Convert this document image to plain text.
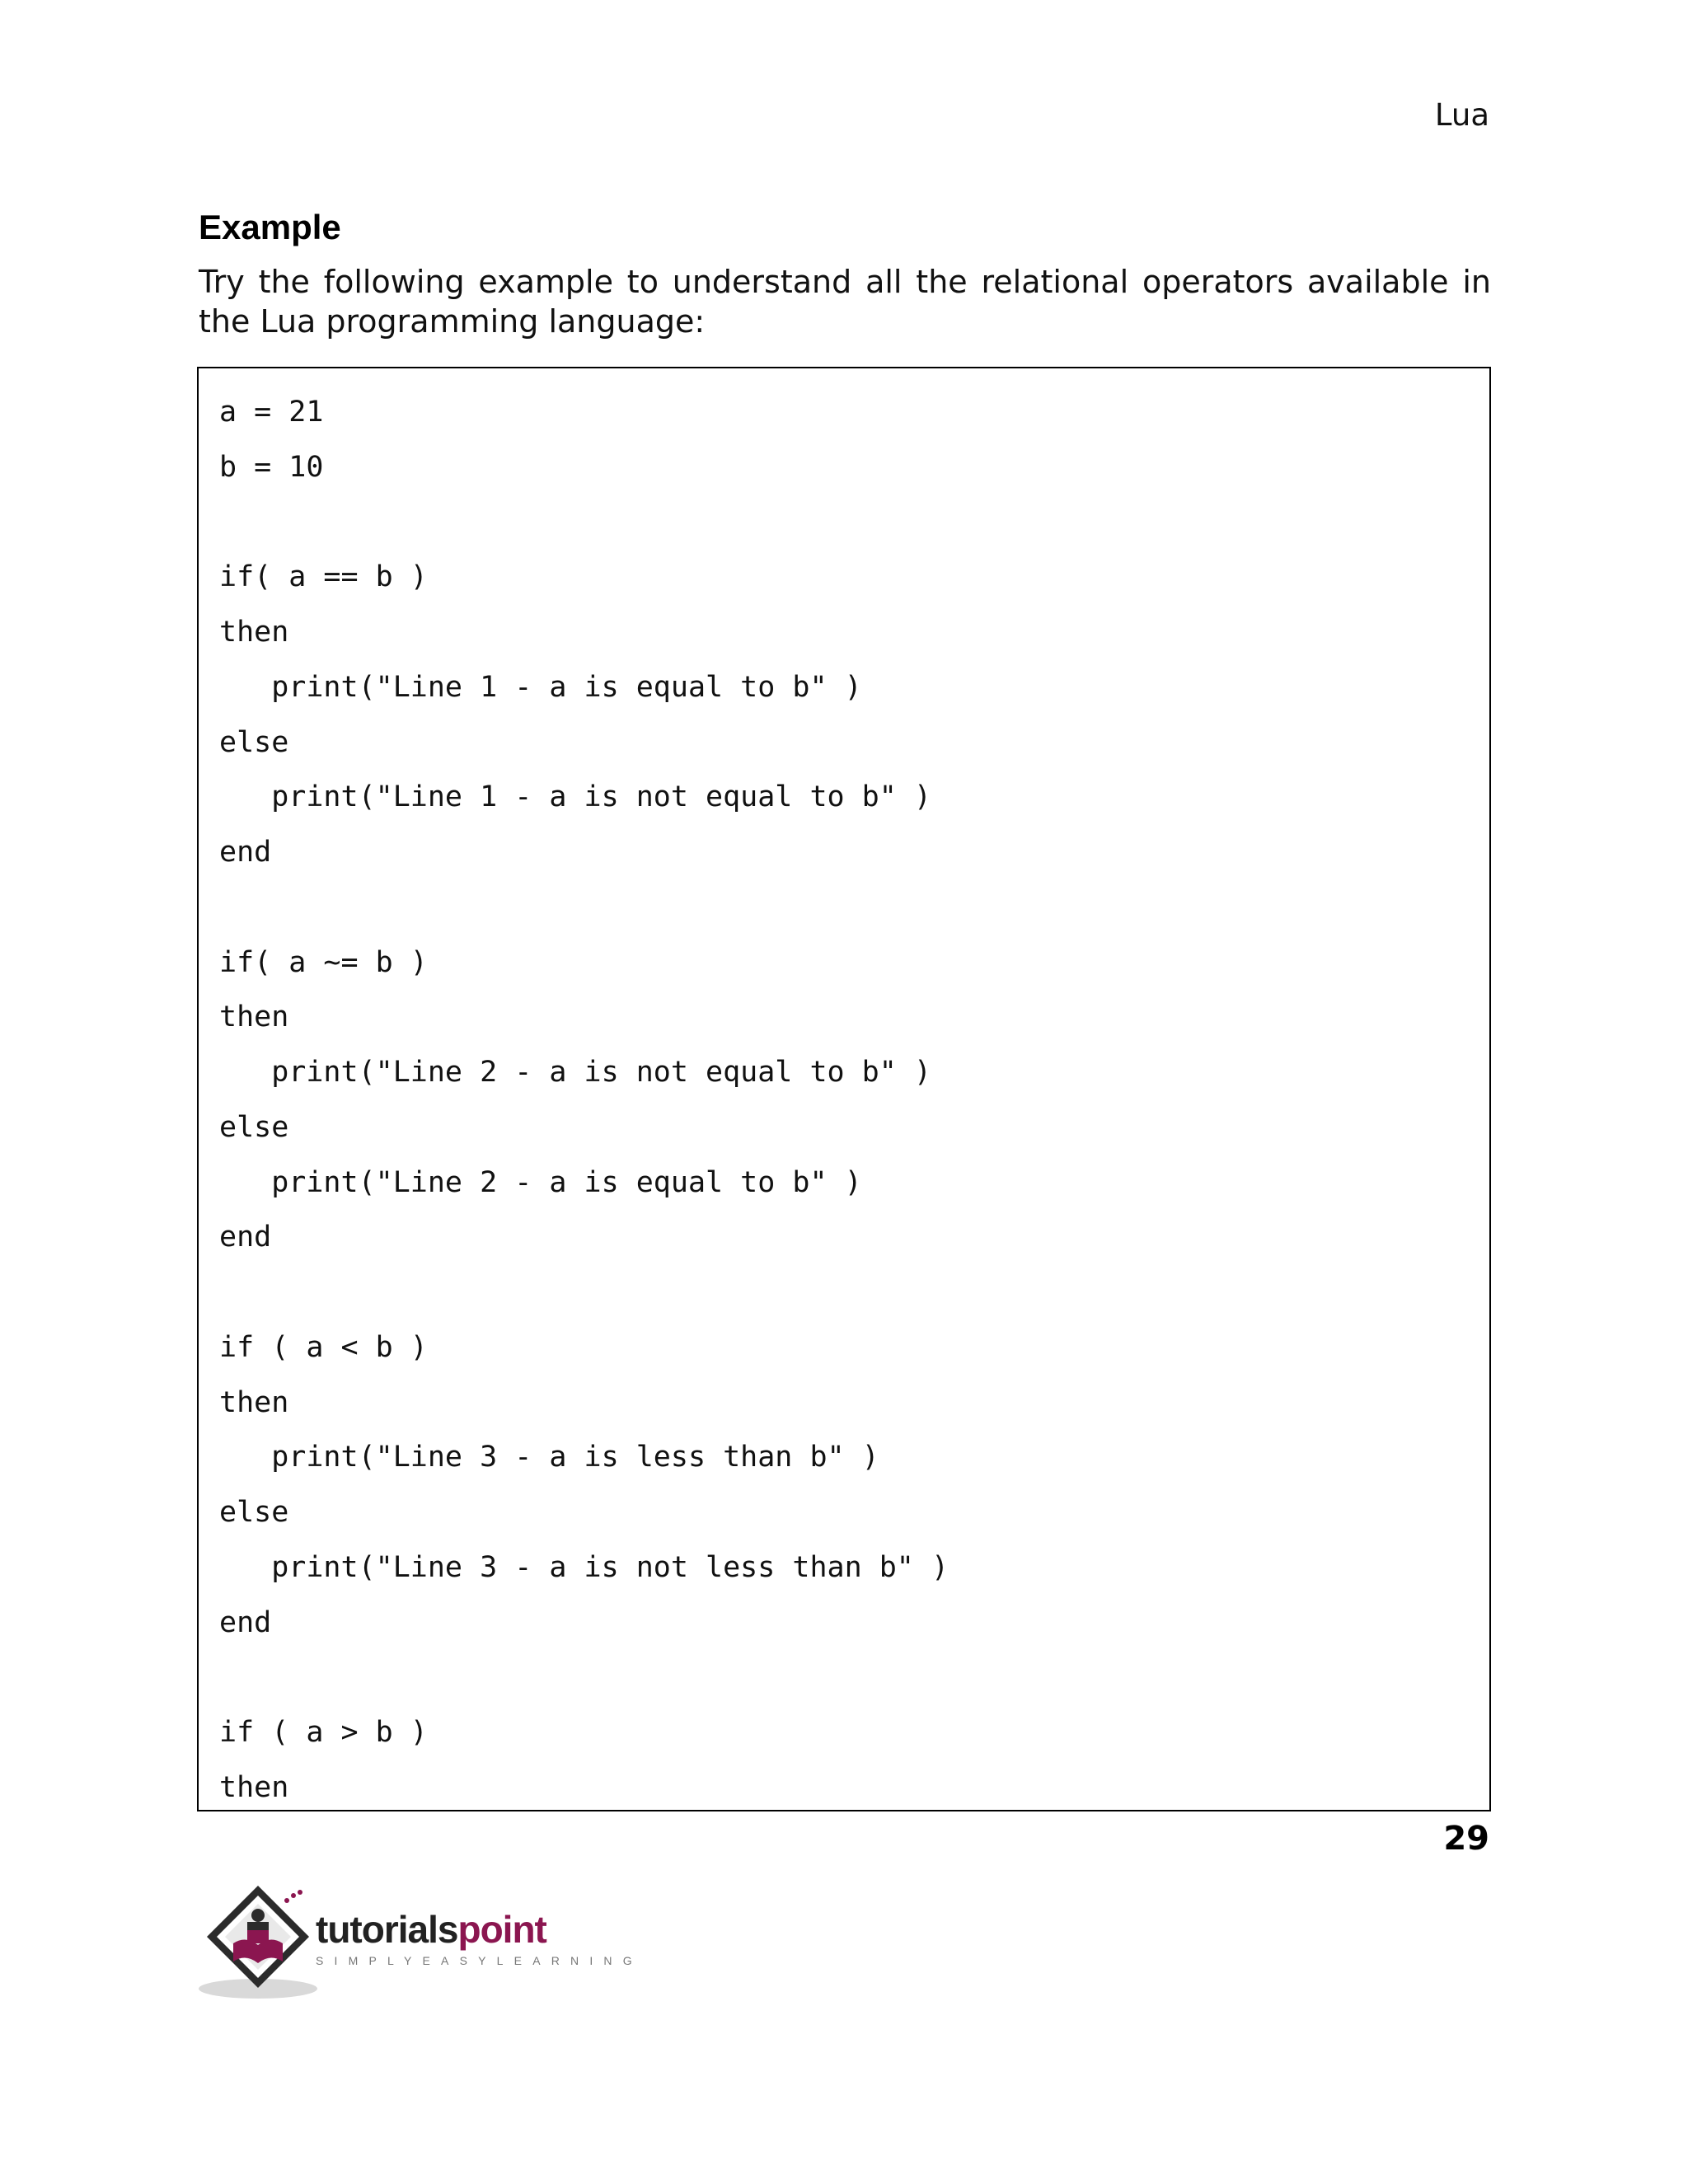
Lua
Example
Try the following example to understand all the relational operators available in the Lua programming language:
a = 21
b = 10
if( a == b )
then
print("Line 1 - a is equal to b" )
else
print("Line 1 - a is not equal to b" )
end
if( a ~= b )
then
print("Line 2 - a is not equal to b" )
else
print("Line 2 - a is equal to b" )
end
if ( a < b )
then
print("Line 3 - a is less than b" )
else
print("Line 3 - a is not less than b" )
end
if ( a > b )
then
29
tutorialspoint
SIMPLYEASYLEARNING
